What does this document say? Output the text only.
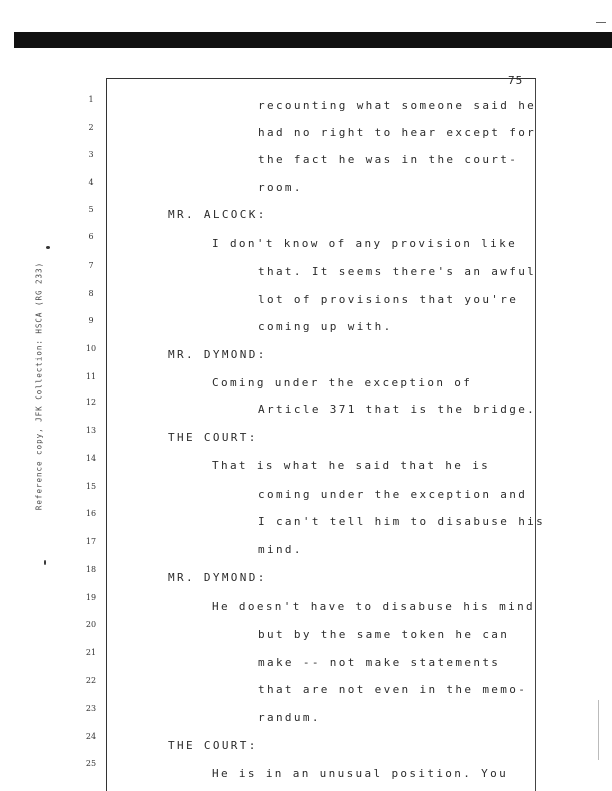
75
Reference copy, JFK Collection: HSCA (RG 233)
1
2
3
4
5
6
7
8
9
10
11
12
13
14
15
16
17
18
19
20
21
22
23
24
25
recounting what someone said he
had no right to hear except for
the fact he was in the court-
room.
MR. ALCOCK:
I don't know of any provision like
that. It seems there's an awful
lot of provisions that you're
coming up with.
MR. DYMOND:
Coming under the exception of
Article 371 that is the bridge.
THE COURT:
That is what he said that he is
coming under the exception and
I can't tell him to disabuse his
mind.
MR. DYMOND:
He doesn't have to disabuse his mind
but by the same token he can
make -- not make statements
that are not even in the memo-
randum.
THE COURT:
He is in an unusual position. You
